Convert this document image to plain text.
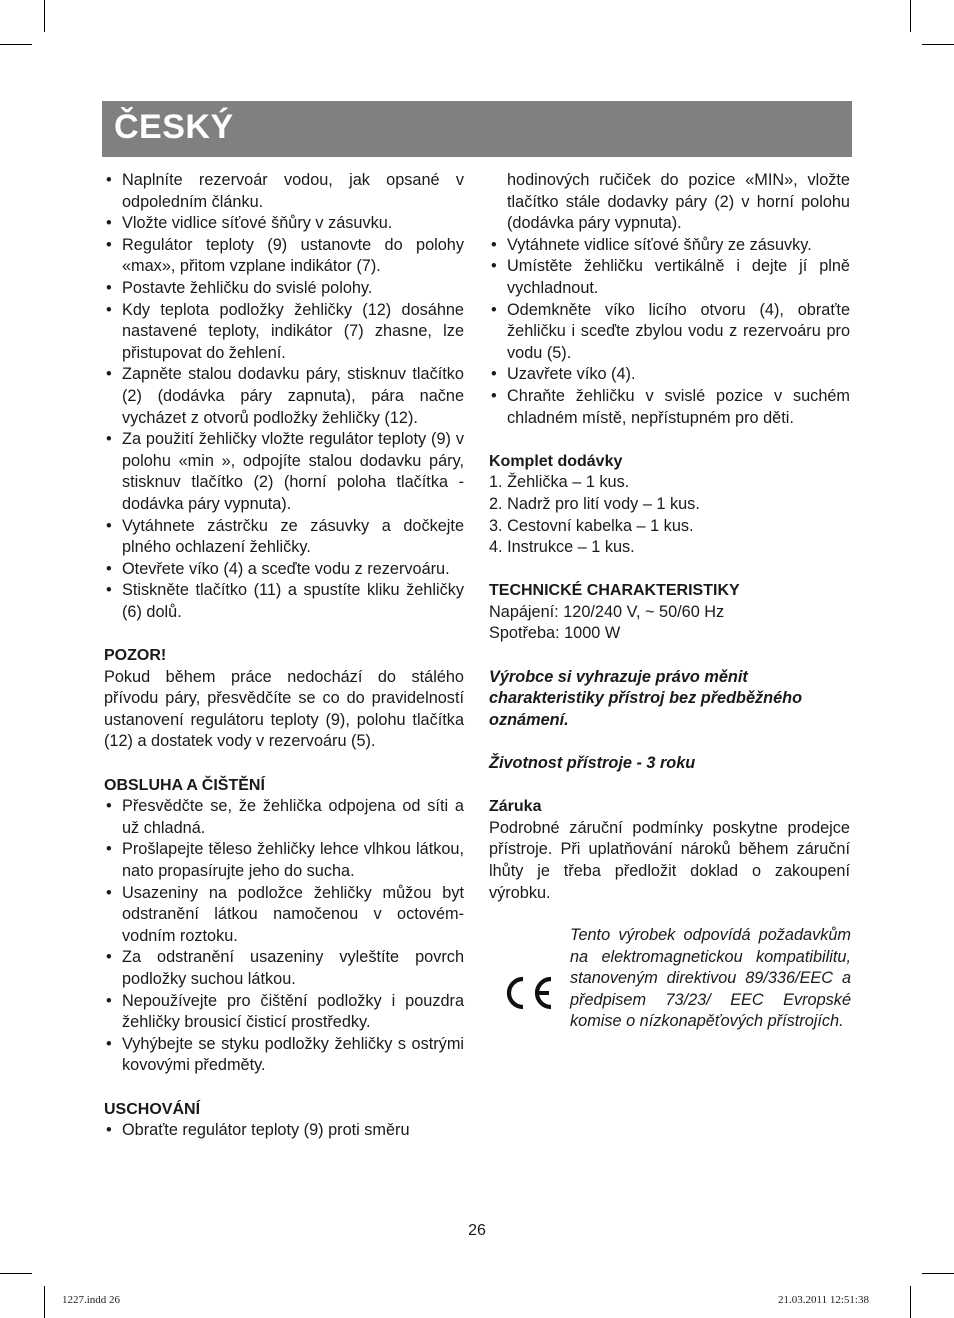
ČESKÝ
• Naplníte rezervoár vodou, jak opsané v odpoledním článku.
• Vložte vidlice síťové šňůry v zásuvku.
• Regulátor teploty (9) ustanovte do polohy «max», přitom vzplane indikátor (7).
• Postavte žehličku do svislé polohy.
• Kdy teplota podložky žehličky (12) dosáhne nastavené teploty, indikátor (7) zhasne, lze přistupovat do žehlení.
• Zapněte stalou dodavku páry, stisknuv tlačítko (2) (dodávka páry zapnuta), pára načne vycházet z otvorů podložky žehličky (12).
• Za použití žehličky vložte regulátor teploty (9) v polohu «min », odpojíte stalou dodavku páry, stisknuv tlačítko (2) (horní poloha tlačítka - dodávka páry vypnuta).
• Vytáhnete zástrčku ze zásuvky a dočkejte plného ochlazení žehličky.
• Otevřete víko (4) a sceďte vodu z rezervoáru.
• Stiskněte tlačítko (11) a spustíte kliku žehličky (6) dolů.

POZOR!

Pokud během práce nedochází do stálého přívodu páry, přesvědčíte se co do pravidelností ustanovení regulátoru teploty (9), polohu tlačítka (12) a dostatek vody v rezervoáru (5).

OBSLUHA A ČIŠTĚNÍ

• Přesvědčte se, že žehlička odpojena od síti a už chladná.
• Prošlapejte těleso žehličky lehce vlhkou látkou, nato propasírujte jeho do sucha.
• Usazeniny na podložce žehličky můžou byt odstranění látkou namočenou v octovém-vodním roztoku.
• Za odstranění usazeniny vyleštíte povrch podložky suchou látkou.
• Nepoužívejte pro čištění podložky i pouzdra žehličky brousicí čisticí prostředky.
• Vyhýbejte se styku podložky žehličky s ostrými kovovými předměty.

USCHOVÁNÍ

• Obraťte regulátor teploty (9) proti směru
hodinových ručiček do pozice «MIN», vložte tlačítko stále dodavky páry (2) v horní polohu (dodávka páry vypnuta).
• Vytáhnete vidlice síťové šňůry ze zásuvky.
• Umístěte žehličku vertikálně i dejte jí plně vychladnout.
• Odemkněte víko licího otvoru (4), obraťte žehličku i sceďte zbylou vodu z rezervoáru pro vodu (5).
• Uzavřete víko (4).
• Chraňte žehličku v svislé pozice v suchém chladném místě, nepřístupném pro děti.

Komplet dodávky

1. Žehlička – 1 kus.

2. Nadrž pro lití vody – 1 kus.

3. Cestovní kabelka – 1 kus.

4. Instrukce – 1 kus.

TECHNICKÉ CHARAKTERISTIKY

Napájení: 120/240 V, ~ 50/60 Hz

Spotřeba: 1000 W

Výrobce si vyhrazuje právo měnit charakteristiky přístroj bez předběžného oznámení.

Životnost přístroje - 3 roku

Záruka

Podrobné záruční podmínky poskytne prodejce přístroje. Při uplatňování nároků během záruční lhůty je třeba předložit doklad o zakoupení výrobku.

Tento výrobek odpovídá požadavkům na elektromagnetickou kompatibilitu, stanoveným direktivou 89/336/EEC a předpisem 73/23/ EEC Evropské komise o nízkonapěťových přístrojích.
26
1227.indd 26	21.03.2011 12:51:38
